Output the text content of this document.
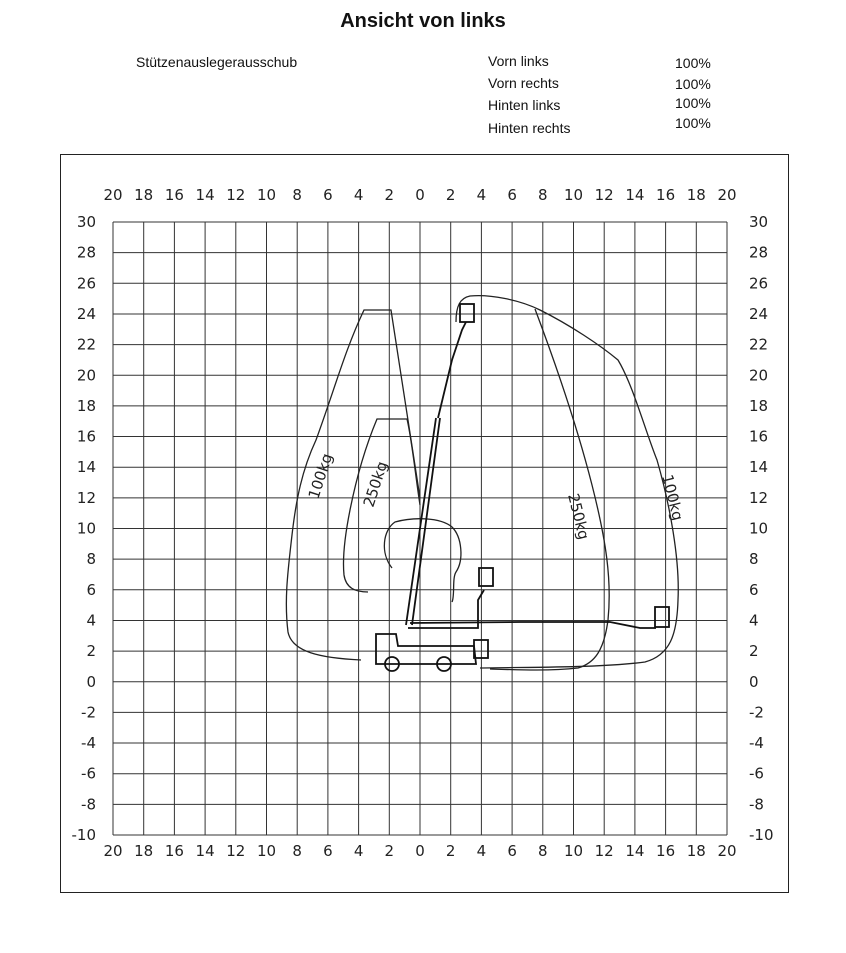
Ansicht von links
Stützenauslegerausschub	Vorn links	100%
Vorn rechts	100%
Hinten links	100%
Hinten rechts	100%
20
20
18
18
16
16
14
14
12
12
10
10
8
8
6
6
4
4
2
2
0
0
2
2
4
4
6
6
8
8
10
10
12
12
14
14
16
16
18
18
20
20
30	30
28	28
26	26
24	24
22	22
20	20
18	18
16	16
14	14
12	12
10	10
8	8
6	6
4	4
2	2
0	0
-2	-2
-4	-4
-6	-6
-8	-8
-10	-10
100kg 250kg
250kg	100kg
